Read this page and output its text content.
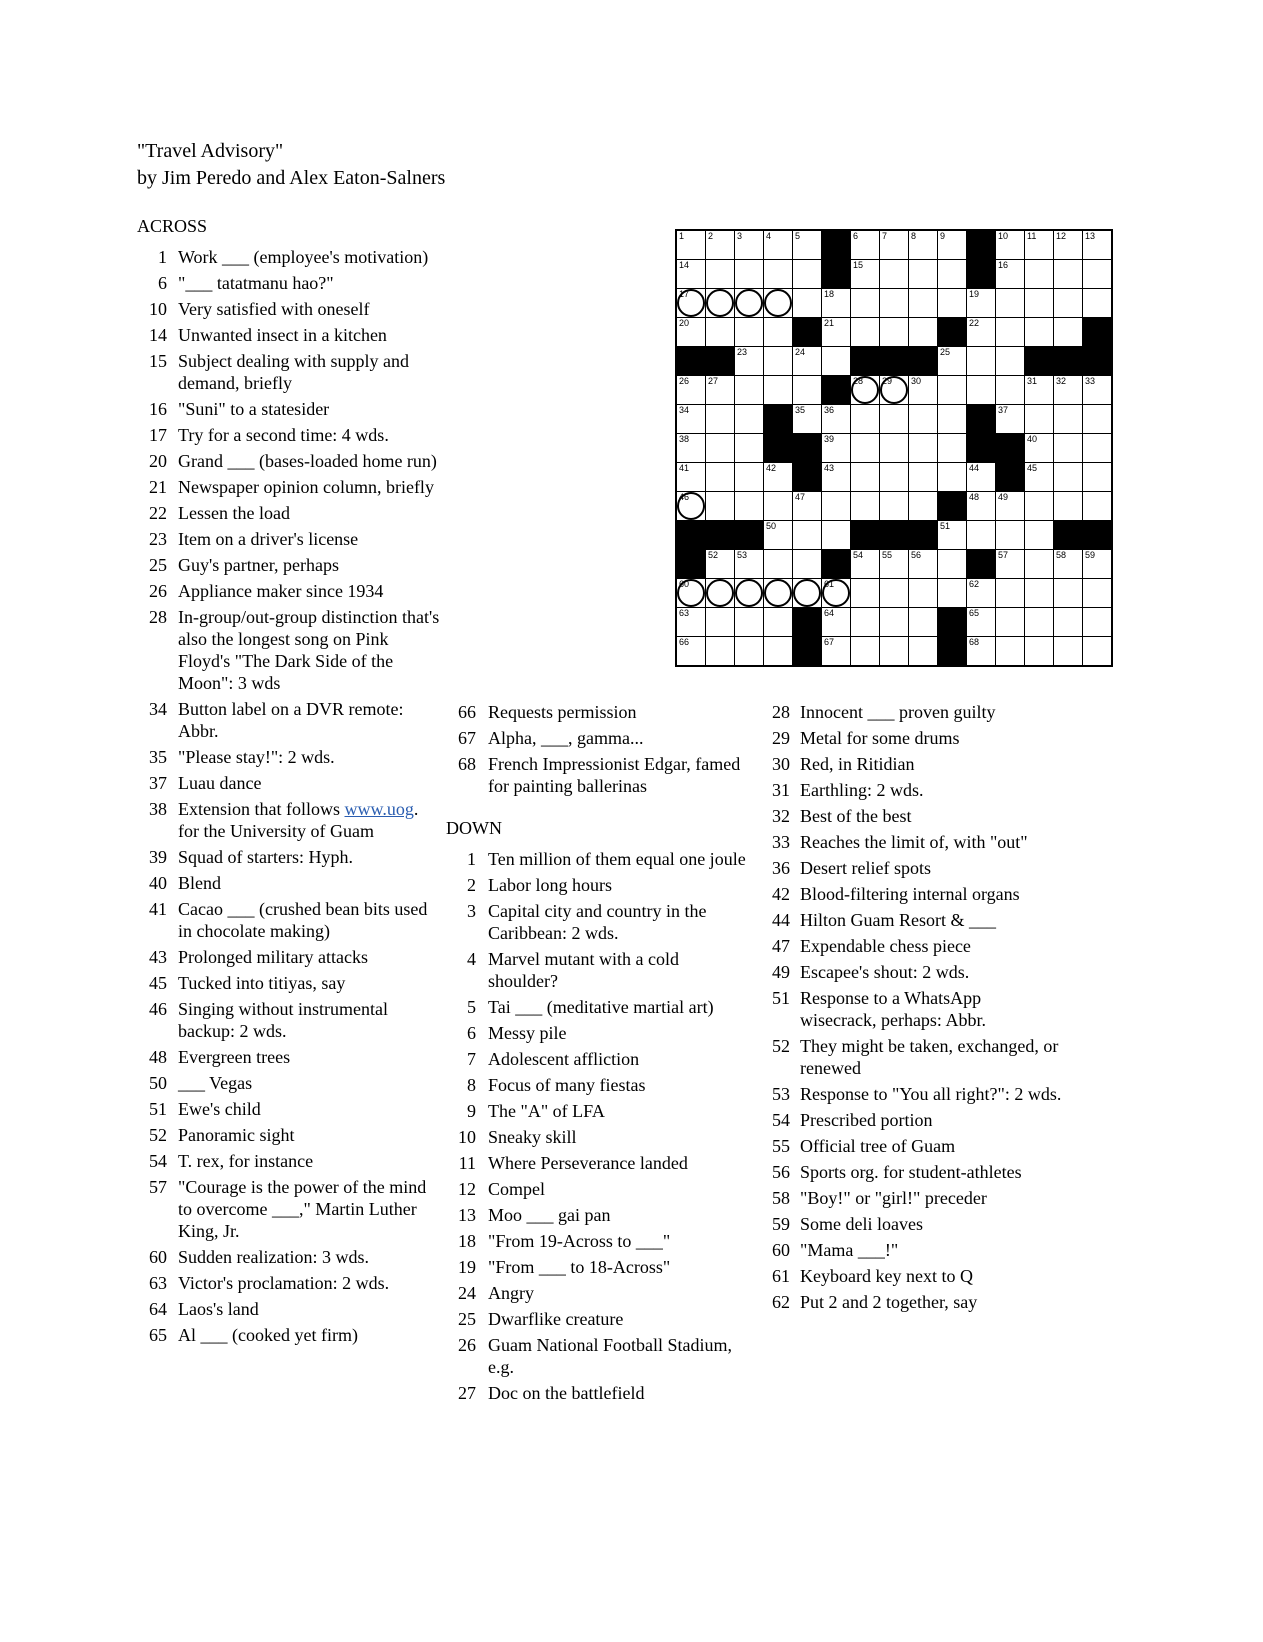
"Travel Advisory"
by Jim Peredo and Alex Eaton-Salners
1	2	3	4	5	6	7	8	9	10 11 12 13
14	15	16
17	18	19
20	21	22
23	24	25
26 27	28 29 30	31 32 33
34	35 36	37
38	39	40
41	42	43	44	45
46	47	48 49
50	51
52 53	54 55 56	57	58 59
60	61	62
63	64	65
66	67	68
ACROSS
1 Work ___ (employee's motivation)
6 "___ tatatmanu hao?"
10 Very satisfied with oneself
14 Unwanted insect in a kitchen
15 Subject dealing with supply and demand, briefly
16 "Suni" to a statesider
17 Try for a second time: 4 wds.
20 Grand ___ (bases-loaded home run)
21 Newspaper opinion column, briefly
22 Lessen the load
23 Item on a driver's license
25 Guy's partner, perhaps
26 Appliance maker since 1934
28 In-group/out-group distinction that's also the longest song on Pink Floyd's "The Dark Side of the Moon": 3 wds
34 Button label on a DVR remote: Abbr.
35 "Please stay!": 2 wds.
37 Luau dance
38 Extension that follows www.uog. for the University of Guam
39 Squad of starters: Hyph.
40 Blend
41 Cacao ___ (crushed bean bits used in chocolate making)
43 Prolonged military attacks
45 Tucked into titiyas, say
46 Singing without instrumental backup: 2 wds.
48 Evergreen trees
50 ___ Vegas
51 Ewe's child
52 Panoramic sight
54 T. rex, for instance
57 "Courage is the power of the mind to overcome ___," Martin Luther King, Jr.
60 Sudden realization: 3 wds.
63 Victor's proclamation: 2 wds.
64 Laos's land
65 Al ___ (cooked yet firm)
66 Requests permission
67 Alpha, ___, gamma...
68 French Impressionist Edgar, famed for painting ballerinas
DOWN
1 Ten million of them equal one joule
2 Labor long hours
3 Capital city and country in the Caribbean: 2 wds.
4 Marvel mutant with a cold shoulder?
5 Tai ___ (meditative martial art)
6 Messy pile
7 Adolescent affliction
8 Focus of many fiestas
9 The "A" of LFA
10 Sneaky skill
11 Where Perseverance landed
12 Compel
13 Moo ___ gai pan
18 "From 19-Across to ___"
19 "From ___ to 18-Across"
24 Angry
25 Dwarflike creature
26 Guam National Football Stadium, e.g.
27 Doc on the battlefield
28 Innocent ___ proven guilty
29 Metal for some drums
30 Red, in Ritidian
31 Earthling: 2 wds.
32 Best of the best
33 Reaches the limit of, with "out"
36 Desert relief spots
42 Blood-filtering internal organs
44 Hilton Guam Resort & ___
47 Expendable chess piece
49 Escapee's shout: 2 wds.
51 Response to a WhatsApp wisecrack, perhaps: Abbr.
52 They might be taken, exchanged, or renewed
53 Response to "You all right?": 2 wds.
54 Prescribed portion
55 Official tree of Guam
56 Sports org. for student-athletes
58 "Boy!" or "girl!" preceder
59 Some deli loaves
60 "Mama ___!"
61 Keyboard key next to Q
62 Put 2 and 2 together, say
